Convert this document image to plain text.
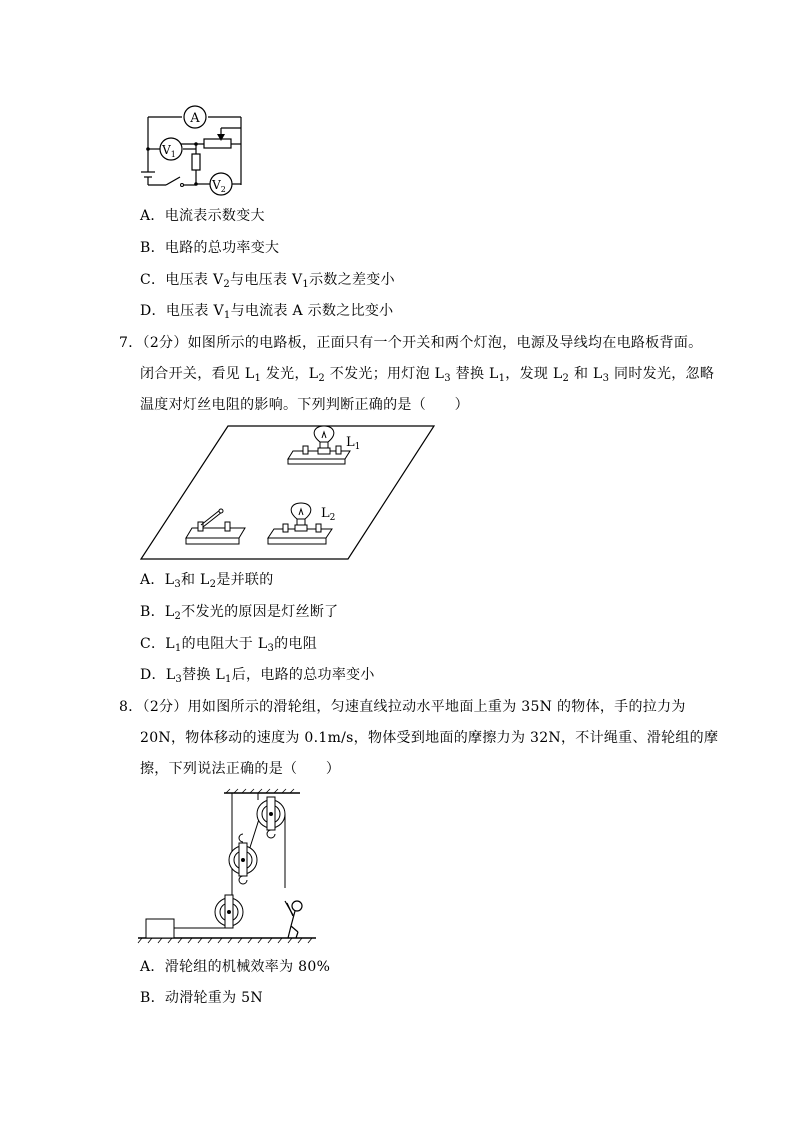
A
$V_1$
$V_2$
A．电流表示数变大
B．电路的总功率变大
C．电压表 $V_2$与电压表 $V_1$示数之差变小
D．电压表 $V_1$与电流表 A 示数之比变小
7．（2分）如图所示的电路板，正面只有一个开关和两个灯泡，电源及导线均在电路板背面。
闭合开关，看见 $L_1$ 发光，$L_2$ 不发光；用灯泡 $L_3$ 替换 $L_1$，发现 $L_2$ 和 $L_3$ 同时发光，忽略
温度对灯丝电阻的影响。下列判断正确的是（　　）
$L_1$
$L_2$
A．$L_3$和 $L_2$是并联的
B．$L_2$不发光的原因是灯丝断了
C．$L_1$的电阻大于 $L_3$的电阻
D．$L_3$替换 $L_1$后，电路的总功率变小
8．（2分）用如图所示的滑轮组，匀速直线拉动水平地面上重为 35N 的物体，手的拉力为
20N，物体移动的速度为 0.1m/s，物体受到地面的摩擦力为 32N，不计绳重、滑轮组的摩
擦，下列说法正确的是（　　）
A．滑轮组的机械效率为 80%
B．动滑轮重为 5N
